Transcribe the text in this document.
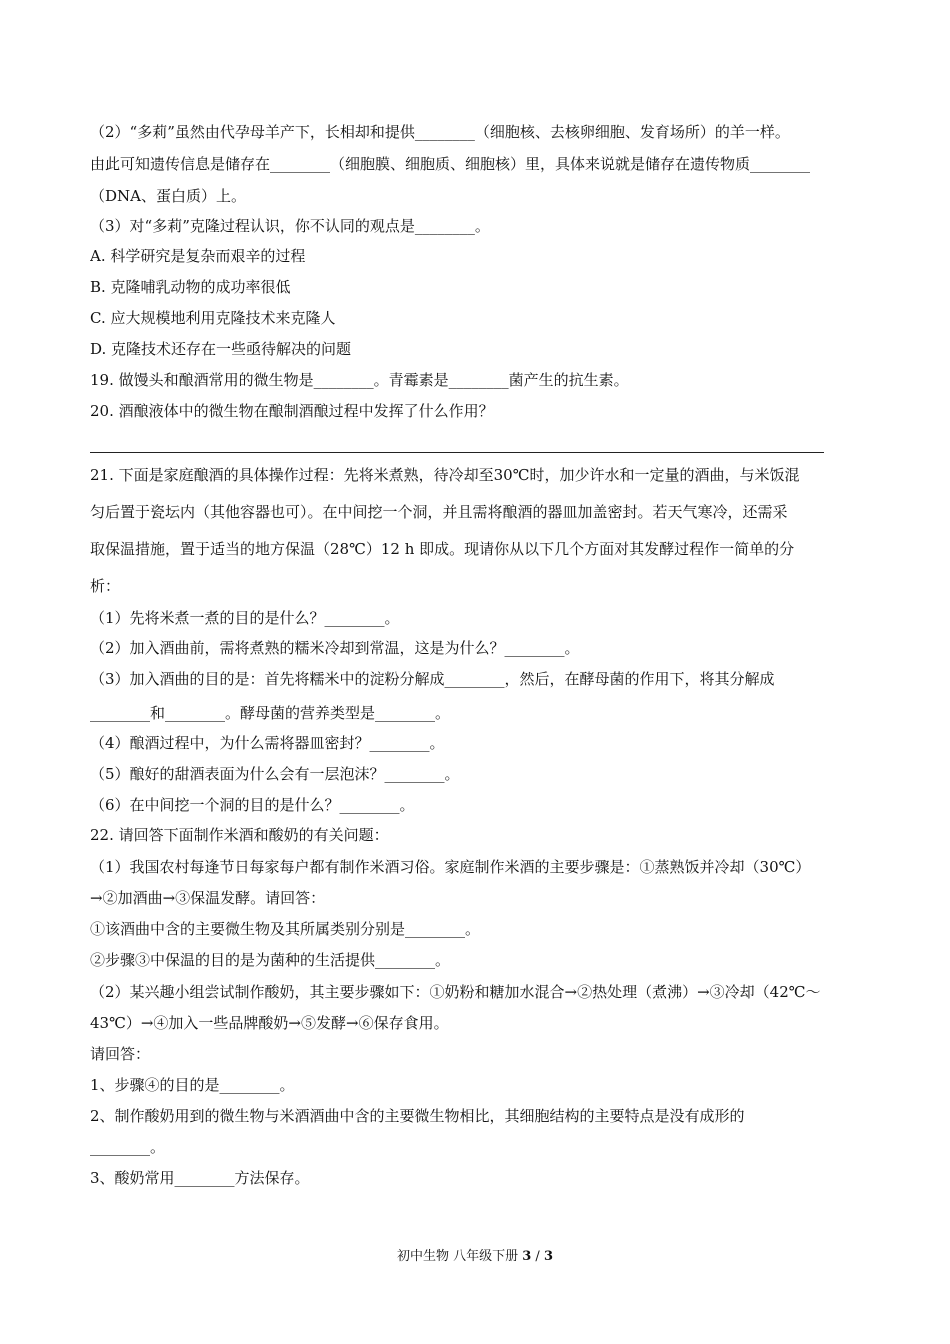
（2）“多莉”虽然由代孕母羊产下，长相却和提供________（细胞核、去核卵细胞、发育场所）的羊一样。
由此可知遗传信息是储存在________（细胞膜、细胞质、细胞核）里，具体来说就是储存在遗传物质________
（DNA、蛋白质）上。
（3）对“多莉”克隆过程认识，你不认同的观点是________。
A. 科学研究是复杂而艰辛的过程
B. 克隆哺乳动物的成功率很低
C. 应大规模地利用克隆技术来克隆人
D. 克隆技术还存在一些亟待解决的问题
19. 做馒头和酿酒常用的微生物是________。青霉素是________菌产生的抗生素。
20. 酒酿液体中的微生物在酿制酒酿过程中发挥了什么作用？
21. 下面是家庭酿酒的具体操作过程：先将米煮熟，待冷却至30℃时，加少许水和一定量的酒曲，与米饭混
匀后置于瓷坛内（其他容器也可）。在中间挖一个洞，并且需将酿酒的器皿加盖密封。若天气寒冷，还需采
取保温措施，置于适当的地方保温（28℃）12 h 即成。现请你从以下几个方面对其发酵过程作一简单的分
析：
（1）先将米煮一煮的目的是什么？________。
（2）加入酒曲前，需将煮熟的糯米冷却到常温，这是为什么？________。
（3）加入酒曲的目的是：首先将糯米中的淀粉分解成________，然后，在酵母菌的作用下，将其分解成
________和________。酵母菌的营养类型是________。
（4）酿酒过程中，为什么需将器皿密封？________。
（5）酿好的甜酒表面为什么会有一层泡沫？________。
（6）在中间挖一个洞的目的是什么？________。
22. 请回答下面制作米酒和酸奶的有关问题：
（1）我国农村每逢节日每家每户都有制作米酒习俗。家庭制作米酒的主要步骤是：①蒸熟饭并冷却（30℃）
→②加酒曲→③保温发酵。请回答：
①该酒曲中含的主要微生物及其所属类别分别是________。
②步骤③中保温的目的是为菌种的生活提供________。
（2）某兴趣小组尝试制作酸奶，其主要步骤如下：①奶粉和糖加水混合→②热处理（煮沸）→③冷却（42℃～
43℃）→④加入一些品牌酸奶→⑤发酵→⑥保存食用。
请回答：
1、步骤④的目的是________。
2、制作酸奶用到的微生物与米酒酒曲中含的主要微生物相比，其细胞结构的主要特点是没有成形的
________。
3、酸奶常用________方法保存。
初中生物 八年级下册 3 / 3
